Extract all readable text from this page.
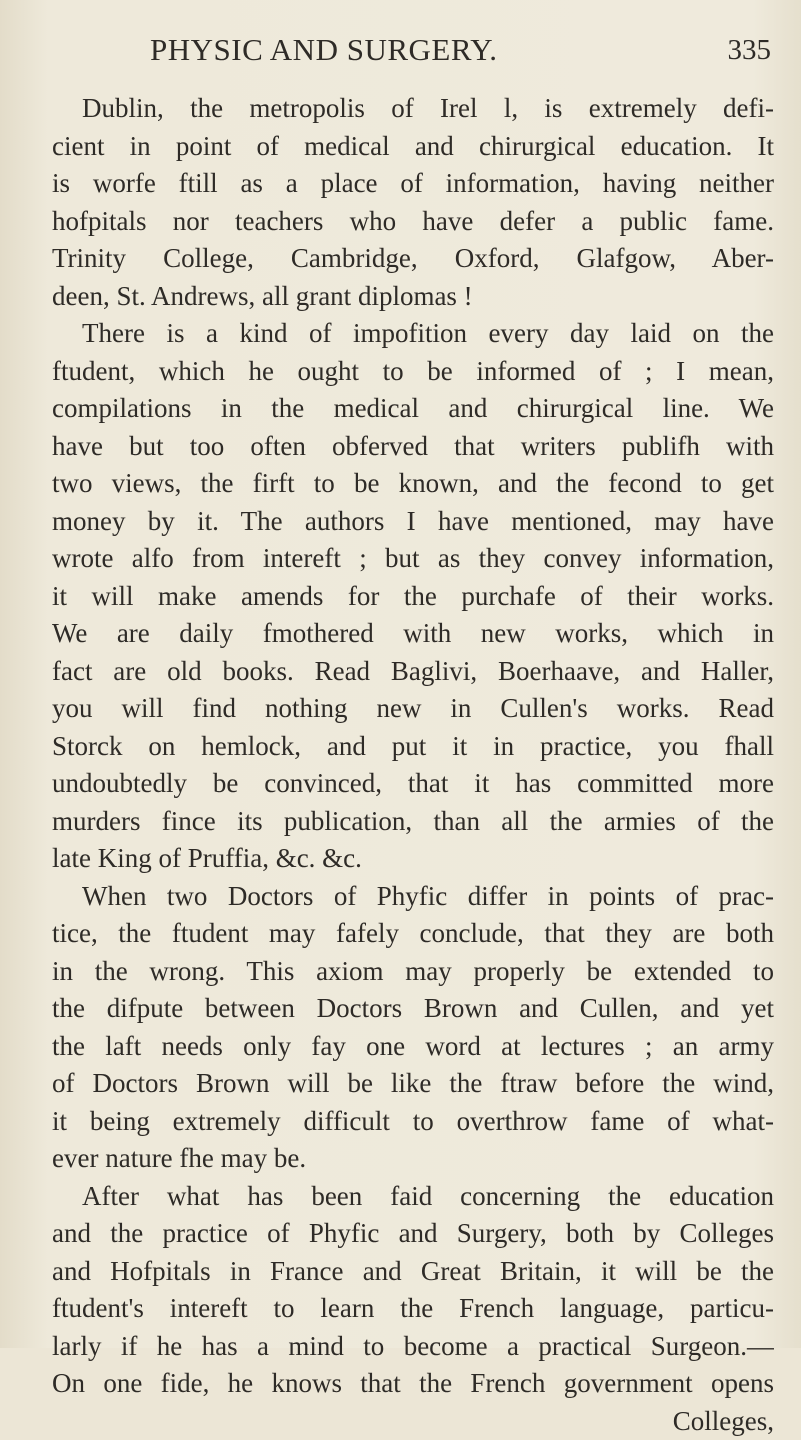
PHYSIC AND SURGERY.	335
Dublin, the metropolis of Irel l, is extremely defi-
cient in point of medical and chirurgical education. It
is worfe ftill as a place of information, having neither
hofpitals nor teachers who have defer a public fame.
Trinity College, Cambridge, Oxford, Glafgow, Aber-
deen, St. Andrews, all grant diplomas !
There is a kind of impofition every day laid on the
ftudent, which he ought to be informed of ; I mean,
compilations in the medical and chirurgical line. We
have but too often obferved that writers publifh with
two views, the firft to be known, and the fecond to get
money by it. The authors I have mentioned, may have
wrote alfo from intereft ; but as they convey information,
it will make amends for the purchafe of their works.
We are daily fmothered with new works, which in
fact are old books. Read Baglivi, Boerhaave, and Haller,
you will find nothing new in Cullen's works. Read
Storck on hemlock, and put it in practice, you fhall
undoubtedly be convinced, that it has committed more
murders fince its publication, than all the armies of the
late King of Pruffia, &c. &c.
When two Doctors of Phyfic differ in points of prac-
tice, the ftudent may fafely conclude, that they are both
in the wrong. This axiom may properly be extended to
the difpute between Doctors Brown and Cullen, and yet
the laft needs only fay one word at lectures ; an army
of Doctors Brown will be like the ftraw before the wind,
it being extremely difficult to overthrow fame of what-
ever nature fhe may be.
After what has been faid concerning the education
and the practice of Phyfic and Surgery, both by Colleges
and Hofpitals in France and Great Britain, it will be the
ftudent's intereft to learn the French language, particu-
larly if he has a mind to become a practical Surgeon.—
On one fide, he knows that the French government opens
Colleges,
